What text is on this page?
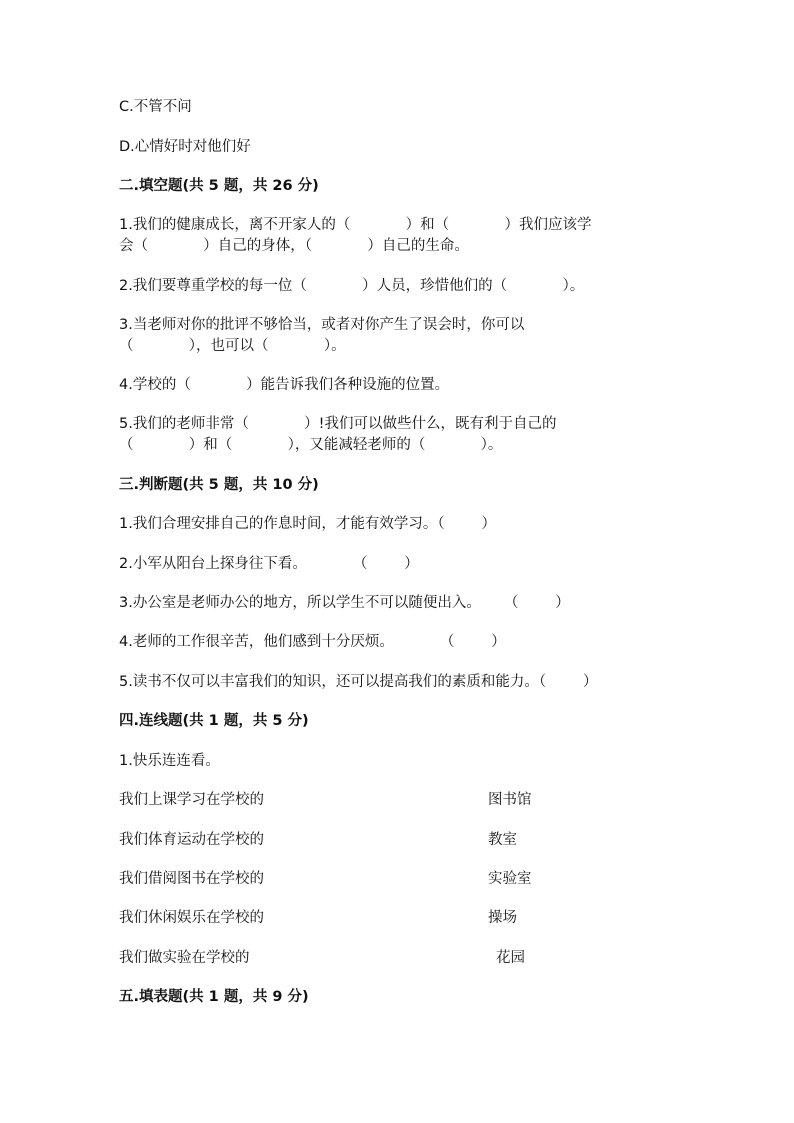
C.不管不问
D.心情好时对他们好
二.填空题(共 5 题，共 26 分)
1.我们的健康成长，离不开家人的（            ）和（            ）我们应该学
会（            ）自己的身体，（            ）自己的生命。
2.我们要尊重学校的每一位（            ）人员，珍惜他们的（            ）。
3.当老师对你的批评不够恰当，或者对你产生了误会时，你可以
（            ），也可以（            ）。
4.学校的（            ）能告诉我们各种设施的位置。
5.我们的老师非常（            ）!我们可以做些什么，既有利于自己的
（            ）和（            ），又能减轻老师的（            ）。
三.判断题(共 5 题，共 10 分)
1.我们合理安排自己的作息时间，才能有效学习。（        ）
2.小军从阳台上探身往下看。          （        ）
3.办公室是老师办公的地方，所以学生不可以随便出入。     （        ）
4.老师的工作很辛苦，他们感到十分厌烦。          （        ）
5.读书不仅可以丰富我们的知识，还可以提高我们的素质和能力。（        ）
四.连线题(共 1 题，共 5 分)
1.快乐连连看。
我们上课学习在学校的	图书馆
我们体育运动在学校的	教室
我们借阅图书在学校的	实验室
我们休闲娱乐在学校的	操场
我们做实验在学校的	花园
五.填表题(共 1 题，共 9 分)
